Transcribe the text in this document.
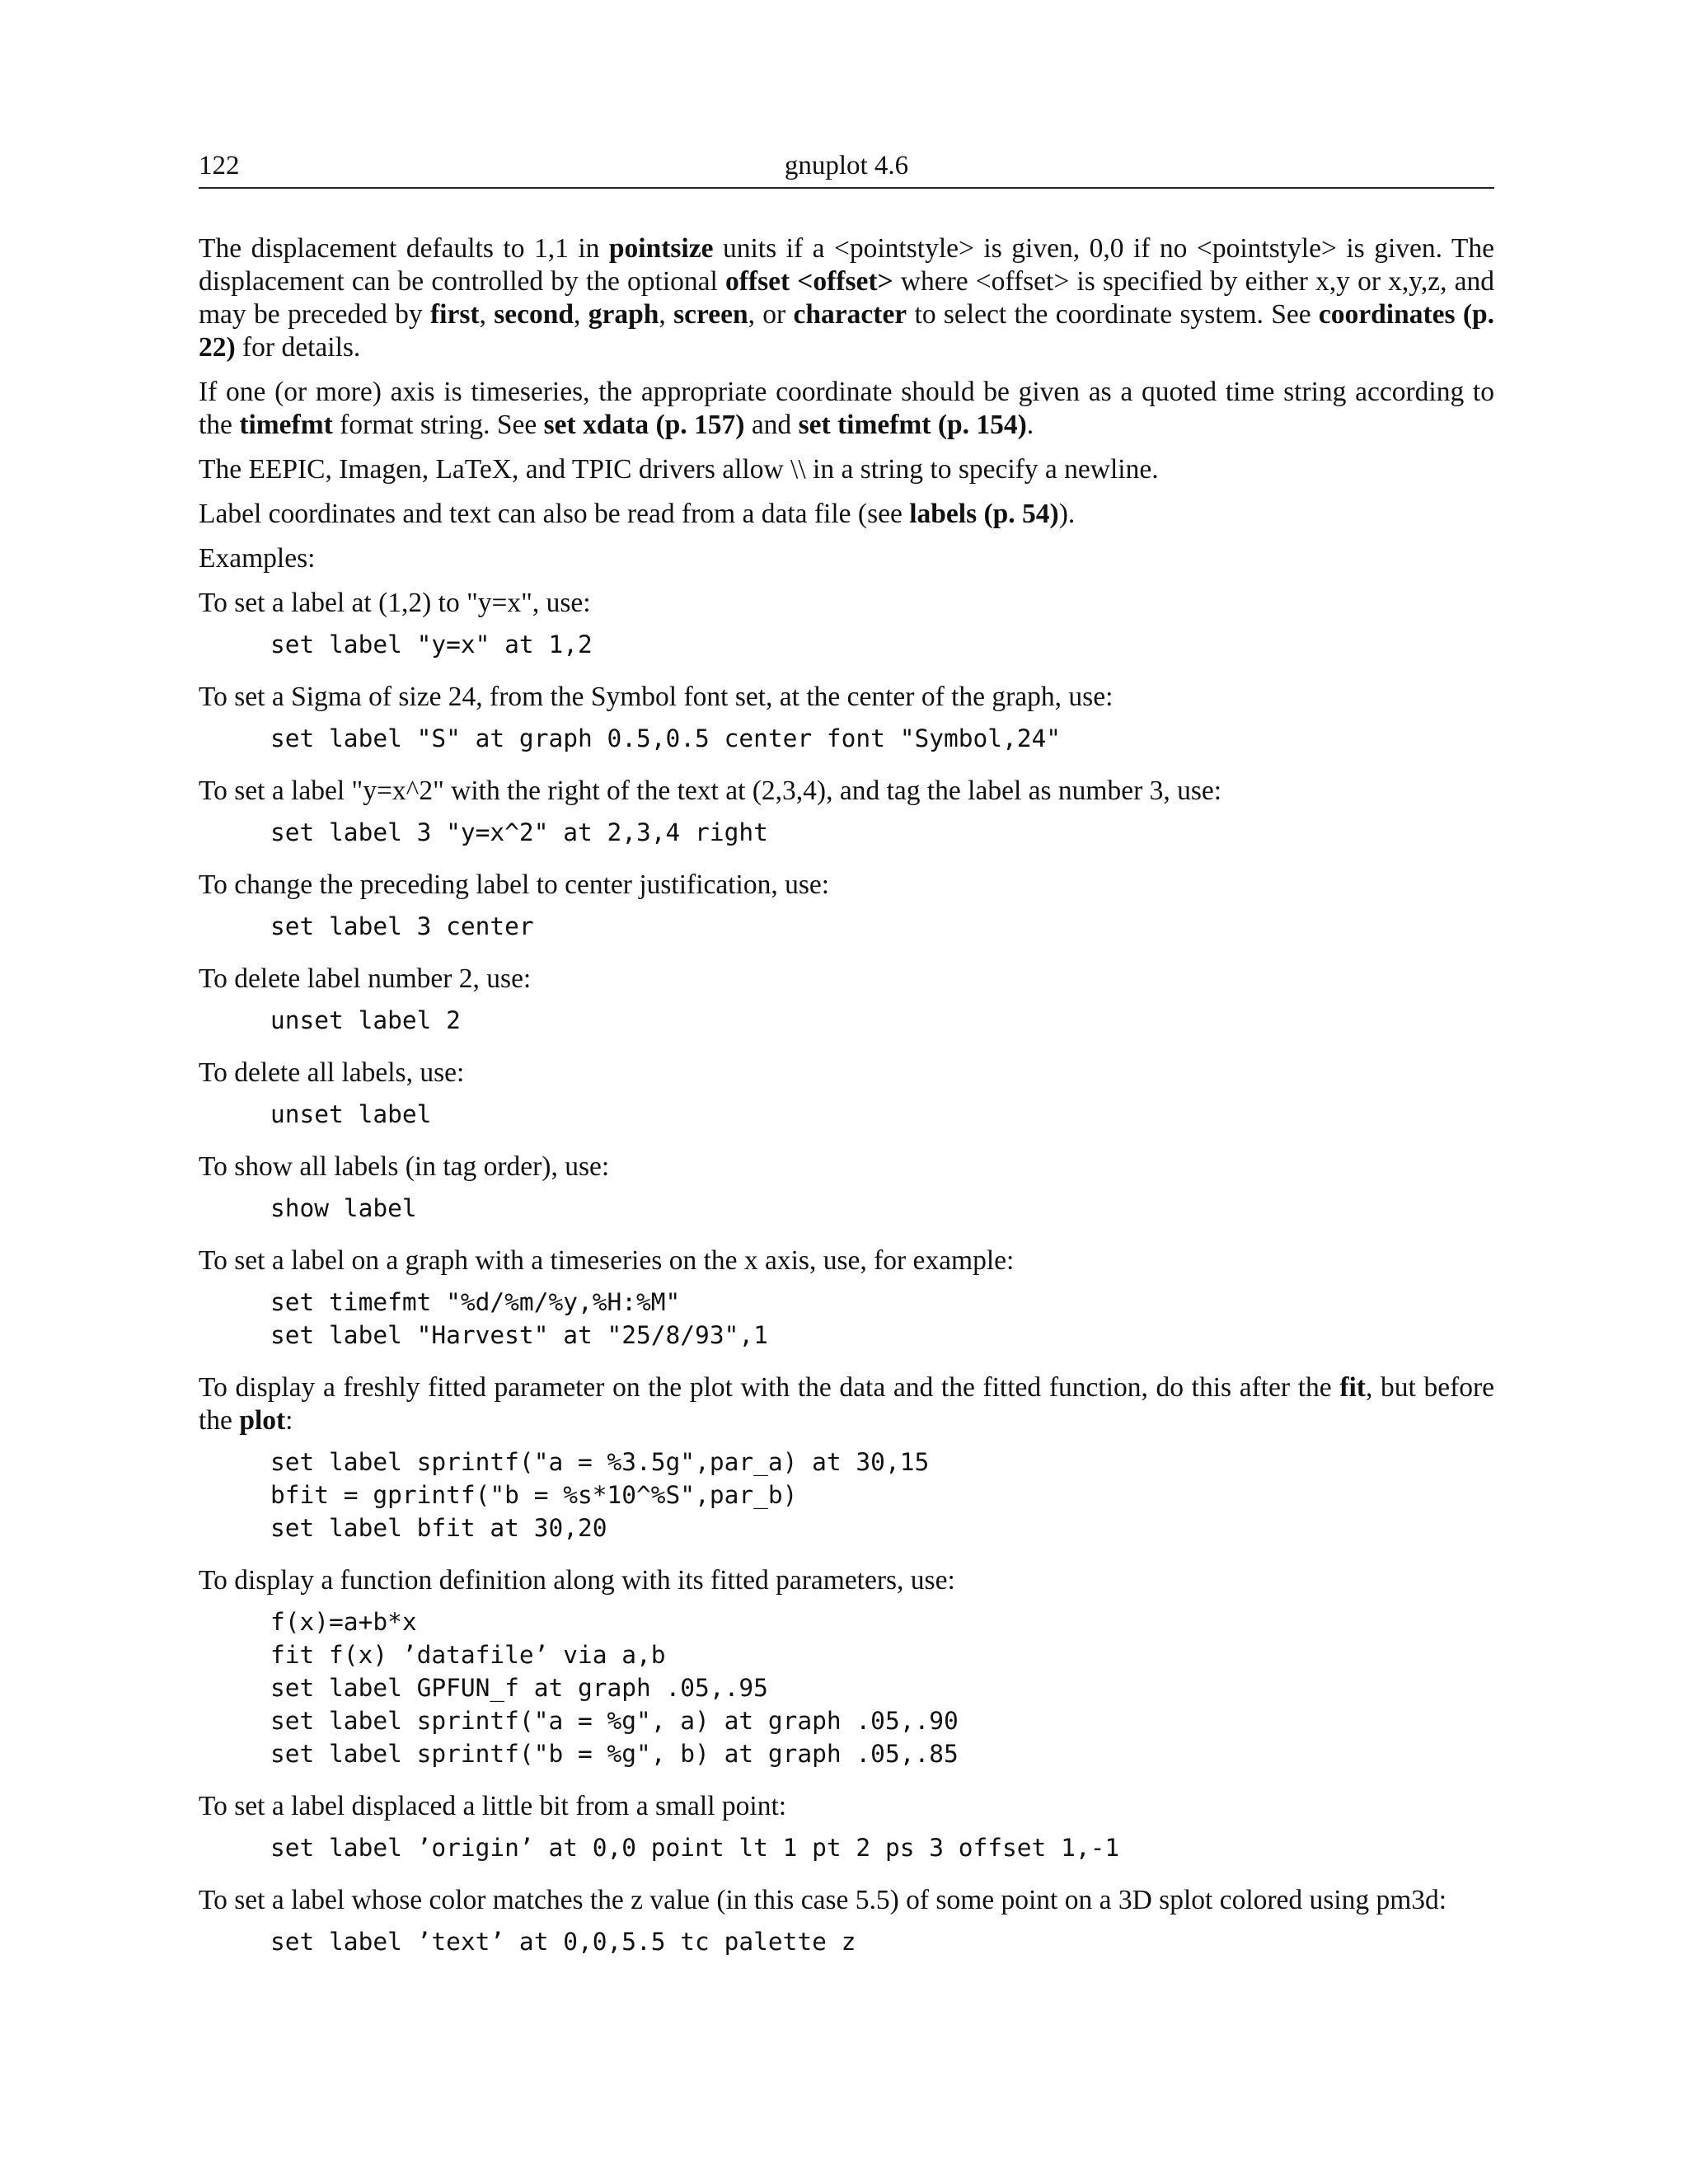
122	gnuplot 4.6

The displacement defaults to 1,1 in pointsize units if a <pointstyle> is given, 0,0 if no <pointstyle> is given. The displacement can be controlled by the optional offset <offset> where <offset> is specified by either x,y or x,y,z, and may be preceded by first, second, graph, screen, or character to select the coordinate system. See coordinates (p. 22) for details.

If one (or more) axis is timeseries, the appropriate coordinate should be given as a quoted time string according to the timefmt format string. See set xdata (p. 157) and set timefmt (p. 154).

The EEPIC, Imagen, LaTeX, and TPIC drivers allow \\ in a string to specify a newline.

Label coordinates and text can also be read from a data file (see labels (p. 54)).

Examples:

To set a label at (1,2) to "y=x", use:

set label "y=x" at 1,2

To set a Sigma of size 24, from the Symbol font set, at the center of the graph, use:

set label "S" at graph 0.5,0.5 center font "Symbol,24"

To set a label "y=x^2" with the right of the text at (2,3,4), and tag the label as number 3, use:

set label 3 "y=x^2" at 2,3,4 right

To change the preceding label to center justification, use:

set label 3 center

To delete label number 2, use:

unset label 2

To delete all labels, use:

unset label

To show all labels (in tag order), use:

show label

To set a label on a graph with a timeseries on the x axis, use, for example:

set timefmt "%d/%m/%y,%H:%M"
set label "Harvest" at "25/8/93",1

To display a freshly fitted parameter on the plot with the data and the fitted function, do this after the fit, but before the plot:

set label sprintf("a = %3.5g",par_a) at 30,15
bfit = gprintf("b = %s*10^%S",par_b)
set label bfit at 30,20

To display a function definition along with its fitted parameters, use:

f(x)=a+b*x
fit f(x) ’datafile’ via a,b
set label GPFUN_f at graph .05,.95
set label sprintf("a = %g", a) at graph .05,.90
set label sprintf("b = %g", b) at graph .05,.85

To set a label displaced a little bit from a small point:

set label ’origin’ at 0,0 point lt 1 pt 2 ps 3 offset 1,-1

To set a label whose color matches the z value (in this case 5.5) of some point on a 3D splot colored using pm3d:

set label ’text’ at 0,0,5.5 tc palette z
